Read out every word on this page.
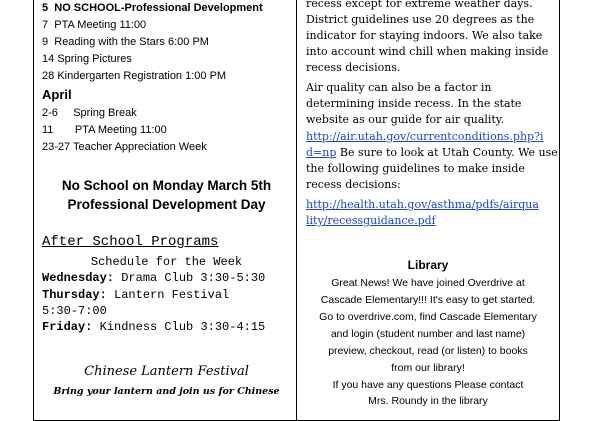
5 NO SCHOOL-Professional Development
7 PTA Meeting 11:00
9 Reading with the Stars 6:00 PM
14 Spring Pictures
28 Kindergarten Registration 1:00 PM
April
2-6 Spring Break
11 PTA Meeting 11:00
23-27 Teacher Appreciation Week
No School on Monday March 5th
Professional Development Day
After School Programs
Schedule for the Week
Wednesday: Drama Club 3:30-5:30
Thursday: Lantern Festival
5:30-7:00
Friday: Kindness Club 3:30-4:15
Chinese Lantern Festival
Bring your lantern and join us for Chinese
recess except for extreme weather days.
District guidelines use 20 degrees as the
indicator for staying indoors. We also take
into account wind chill when making inside
recess decisions.
Air quality can also be a factor in
determining inside recess. In the state
website as our guide for air quality.
http://air.utah.gov/currentconditions.php?i
d=np Be sure to look at Utah County. We use
the following guidelines to make inside
recess decisions:
http://health.utah.gov/asthma/pdfs/airqua
lity/recessguidance.pdf
Library
Great News! We have joined Overdrive at
Cascade Elementary!!! It's easy to get started.
Go to overdrive.com, find Cascade Elementary
and login (student number and last name)
preview, checkout, read (or listen) to books
from our library!
If you have any questions Please contact
Mrs. Roundy in the library
